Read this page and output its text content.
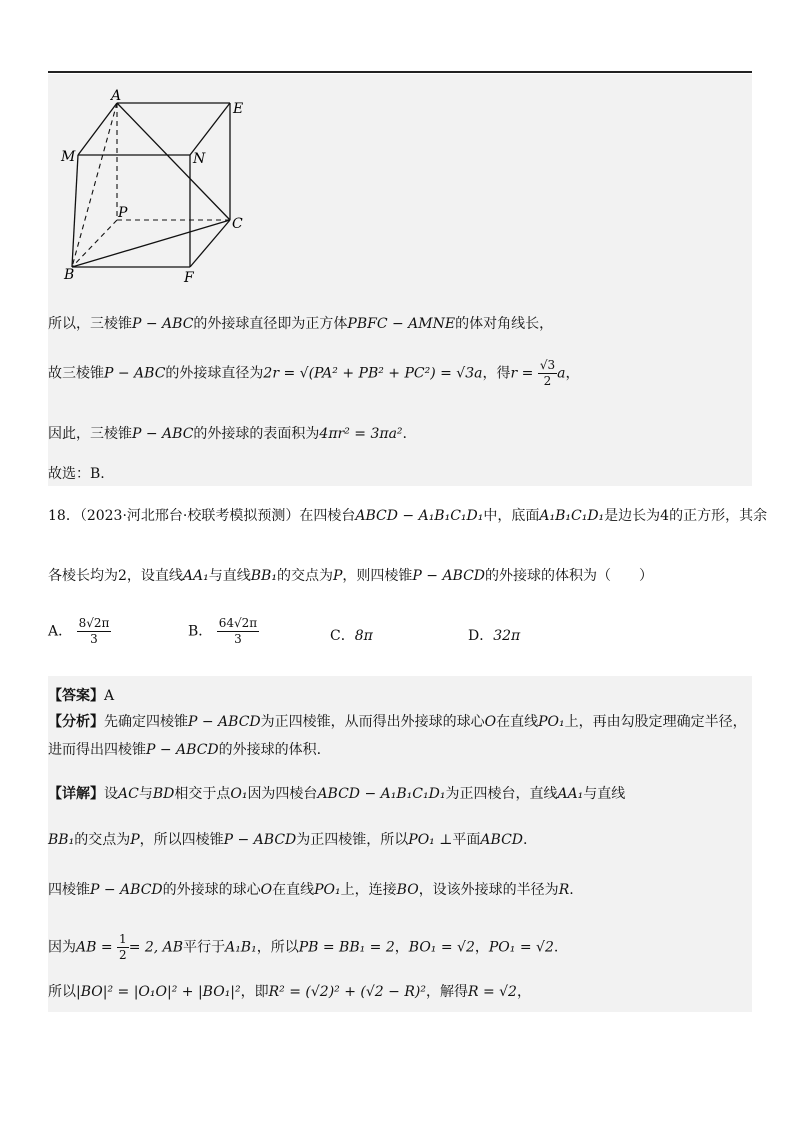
A
E
M	N
P
C
B	F
所以，三棱锥P − ABC的外接球直径即为正方体PBFC − AMNE的体对角线长，
故三棱锥P − ABC的外接球直径为2r = √(PA² + PB² + PC²) = √3a，得$r = \frac{√3}{2}$ a，
因此，三棱锥P − ABC的外接球的表面积为4πr² = 3πa².
故选：B.
18．（2023·河北邢台·校联考模拟预测）在四棱台ABCD − A₁B₁C₁D₁中，底面A₁B₁C₁D₁是边长为4的正方形，其余
各棱长均为2，设直线AA₁与直线BB₁的交点为P，则四棱锥P − ABCD的外接球的体积为（　　）
A． $\frac{8√2\pi}{3}$	B． $\frac{64√2\pi}{3}$	C．8π	D．32π
【答案】A
【分析】先确定四棱锥P − ABCD为正四棱锥，从而得出外接球的球心O在直线PO₁上，再由勾股定理确定半径，
进而得出四棱锥P − ABCD的外接球的体积.
【详解】设AC与BD相交于点O₁因为四棱台ABCD − A₁B₁C₁D₁为正四棱台，直线AA₁与直线
BB₁的交点为P，所以四棱锥P − ABCD为正四棱锥，所以PO₁ ⊥平面ABCD.
四棱锥P − ABCD的外接球的球心O在直线PO₁上，连接BO，设该外接球的半径为R.
因为AB = $\frac{1}{2} = 2$, AB平行于A₁B₁，所以PB = BB₁ = 2，BO₁ = √2，PO₁ = √2.
所以|BO|² = |O₁O|² + |BO₁|²，即R² = (√2)² + (√2 − R)²，解得R = √2，
